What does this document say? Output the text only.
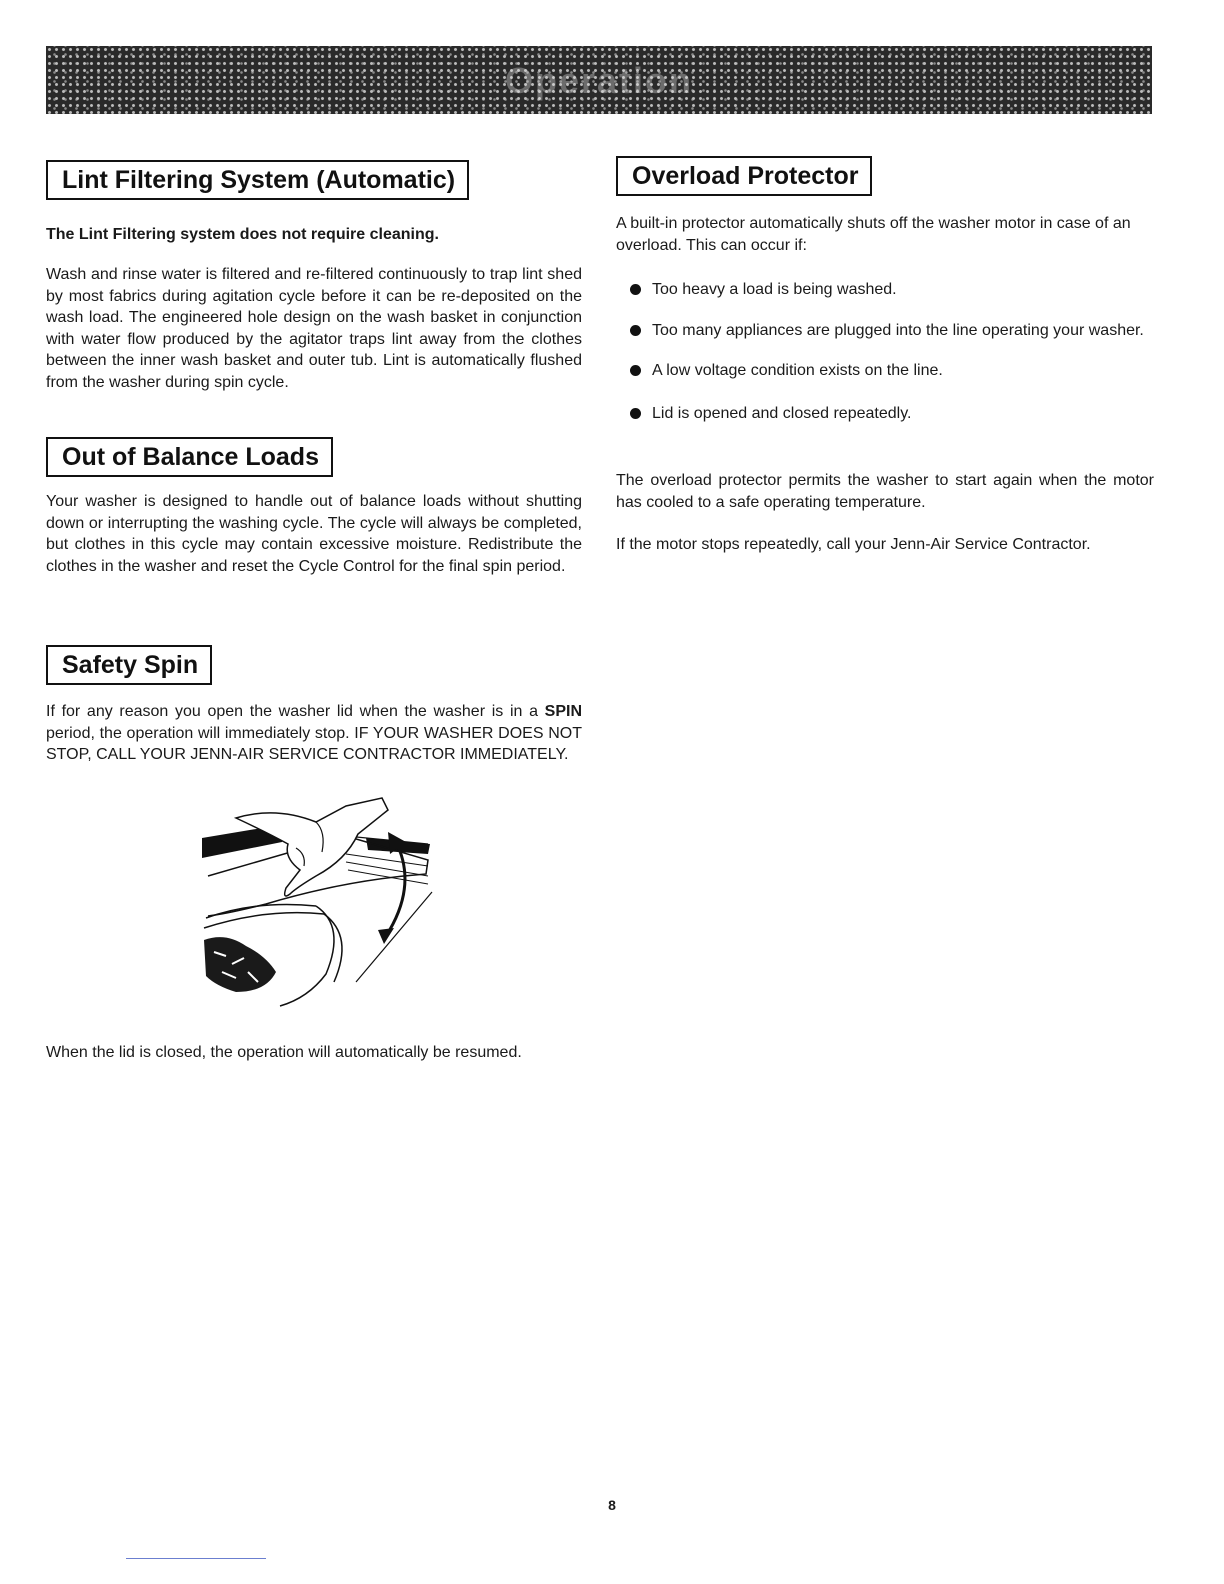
Operation
Lint Filtering System (Automatic)

The Lint Filtering system does not require cleaning.

Wash and rinse water is filtered and re-filtered continuously to trap lint shed by most fabrics during agitation cycle before it can be re-deposited on the wash load. The engineered hole design on the wash basket in conjunction with water flow produced by the agitator traps lint away from the clothes between the inner wash basket and outer tub. Lint is automatically flushed from the washer during spin cycle.

Out of Balance Loads

Your washer is designed to handle out of balance loads without shutting down or interrupting the washing cycle. The cycle will always be completed, but clothes in this cycle may contain excessive moisture. Redistribute the clothes in the washer and reset the Cycle Control for the final spin period.

Safety Spin

If for any reason you open the washer lid when the washer is in a SPIN period, the operation will immediately stop. IF YOUR WASHER DOES NOT STOP, CALL YOUR JENN-AIR SERVICE CONTRACTOR IMMEDIATELY.

When the lid is closed, the operation will automatically be resumed.

Overload Protector

A built-in protector automatically shuts off the washer motor in case of an overload. This can occur if:

Too heavy a load is being washed.
Too many appliances are plugged into the line operating your washer.
A low voltage condition exists on the line.
Lid is opened and closed repeatedly.

The overload protector permits the washer to start again when the motor has cooled to a safe operating temperature.

If the motor stops repeatedly, call your Jenn-Air Service Contractor.

8
